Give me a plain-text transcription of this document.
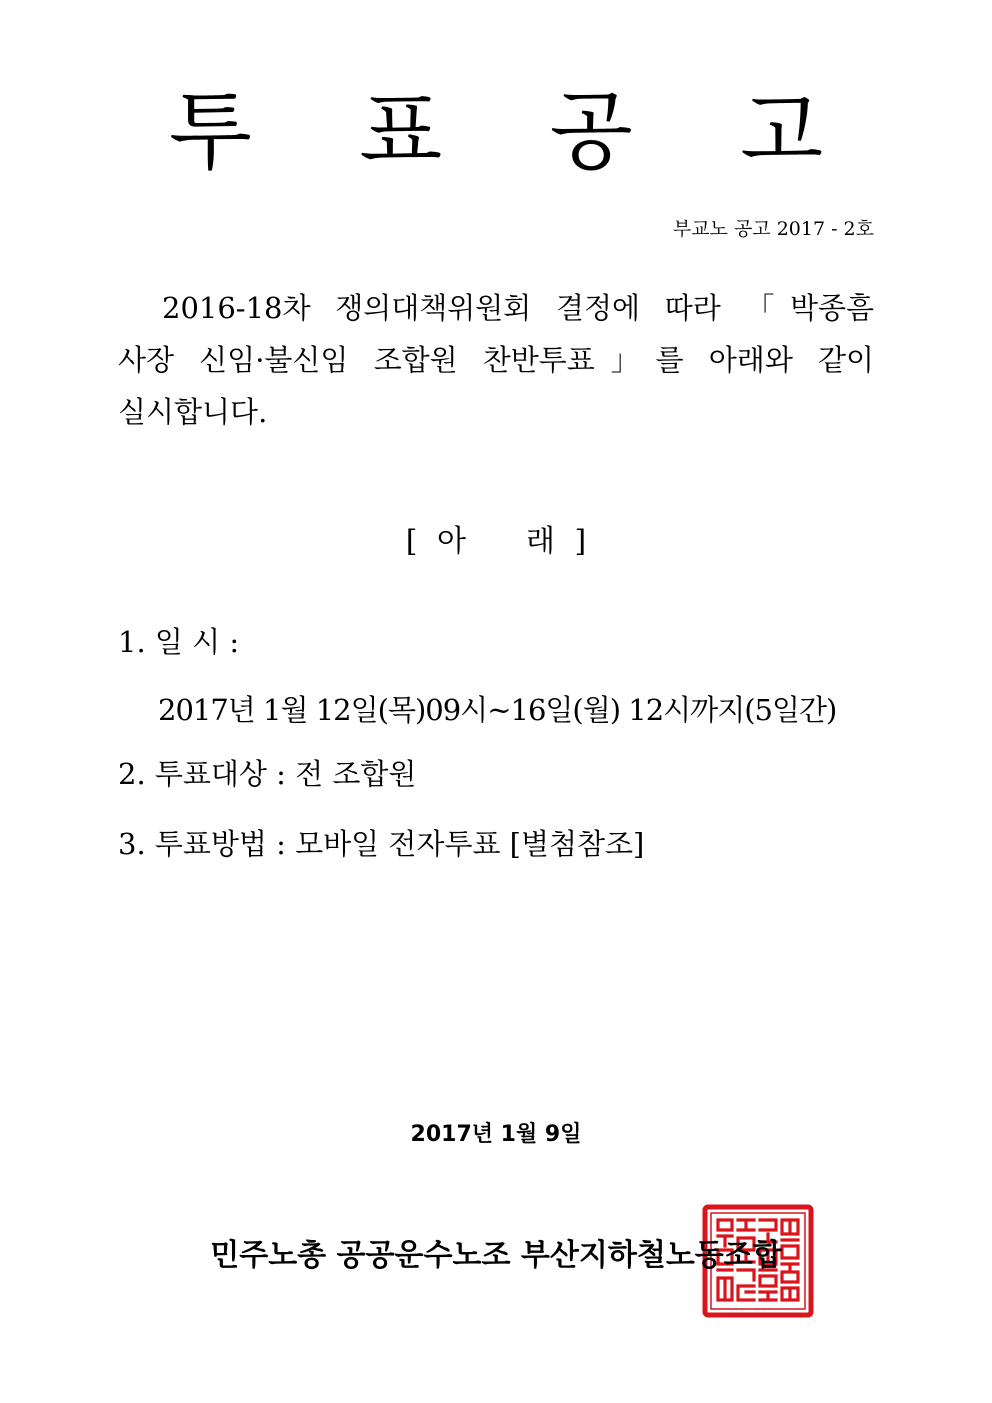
투 표 공 고
부교노 공고 2017 - 2호

2016-18차 쟁의대책위원회 결정에 따라 「박종흠
사장 신임·불신임 조합원 찬반투표」를 아래와 같이
실시합니다.

[ 아 래 ]
1. 일 시 :
2017년 1월 12일(목)09시~16일(월) 12시까지(5일간)
2. 투표대상 : 전 조합원
3. 투표방법 : 모바일 전자투표 [별첨참조]
2017년 1월 9일
민주노총 공공운수노조 부산지하철노동조합
